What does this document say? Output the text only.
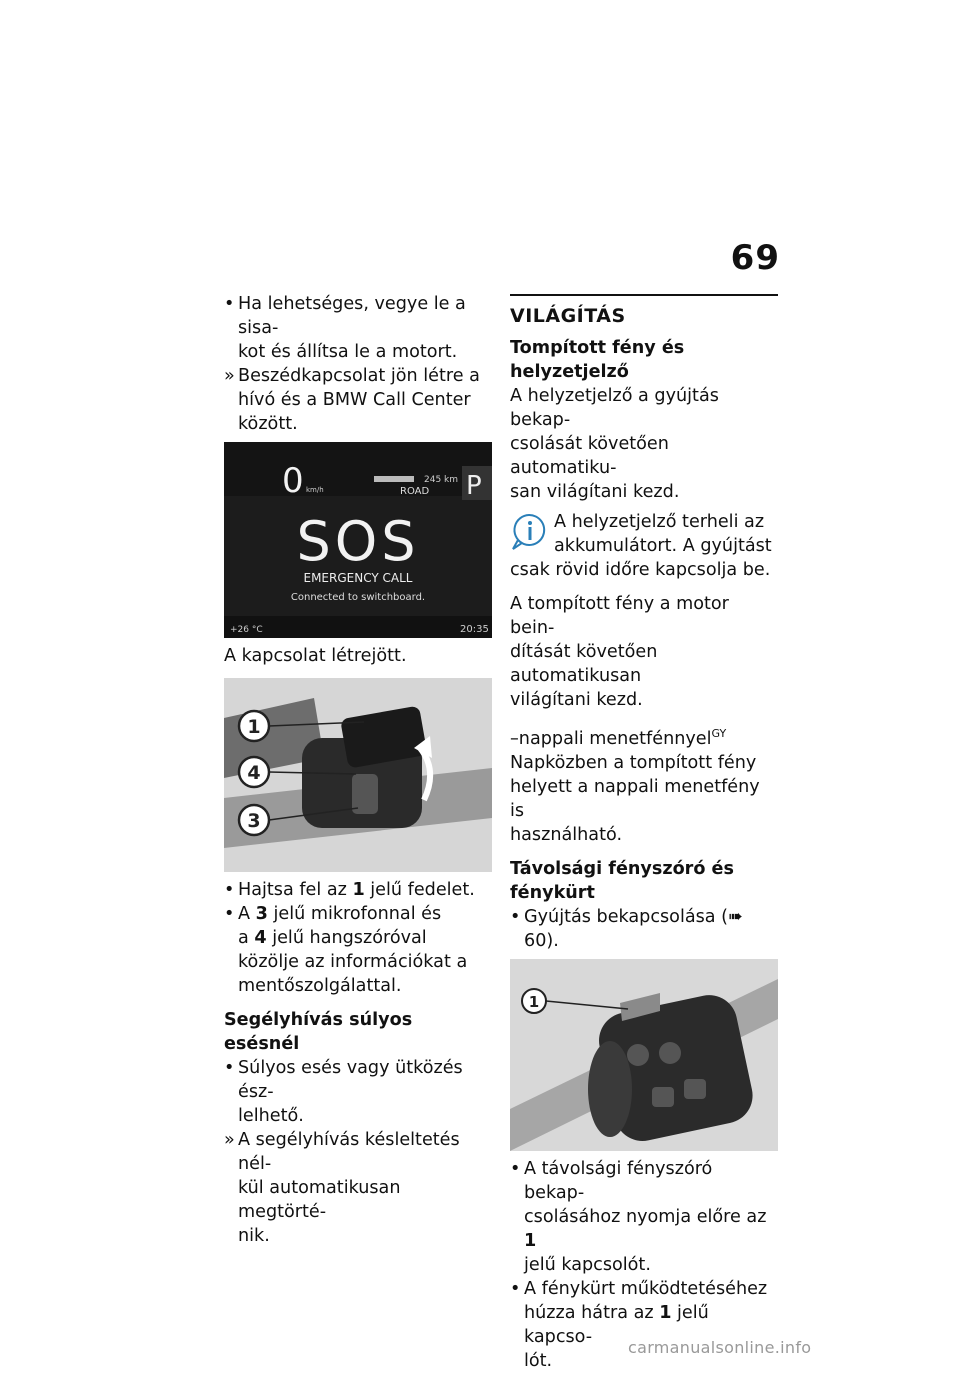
69

• Ha lehetséges, vegye le a sisa-
kot és állítsa le a motort.

» Beszédkapcsolat jön létre a
hívó és a BMW Call Center
között.

0 km/h
245 km
ROAD P
SOS
EMERGENCY CALL
Connected to switchboard.
+26 °C	20:35

A kapcsolat létrejött.

1
4
3

• Hajtsa fel az 1 jelű fedelet.

• A 3 jelű mikrofonnal és
a 4 jelű hangszóróval
közölje az információkat a
mentőszolgálattal.

Segélyhívás súlyos esésnél

• Súlyos esés vagy ütközés ész-
lelhető.

» A segélyhívás késleltetés nél-
kül automatikusan megtörté-
nik.

VILÁGÍTÁS

Tompított fény és helyzetjelző

A helyzetjelző a gyújtás bekap-
csolását követően automatiku-
san világítani kezd.

A helyzetjelző terheli az

akkumulátort. A gyújtást

csak rövid időre kapcsolja be.

A tompított fény a motor bein-
dítását követően automatikusan
világítani kezd.

–nappali menetfénnyel$^{GY}$

Napközben a tompított fény
helyett a nappali menetfény is
használható.

Távolsági fényszóró és
fénykürt

• Gyújtás bekapcsolása (➠ 60).

1

• A távolsági fényszóró bekap-
csolásához nyomja előre az 1
jelű kapcsolót.

• A fénykürt működtetéséhez
húzza hátra az 1 jelű kapcso-
lót.

carmanualsonline.info
